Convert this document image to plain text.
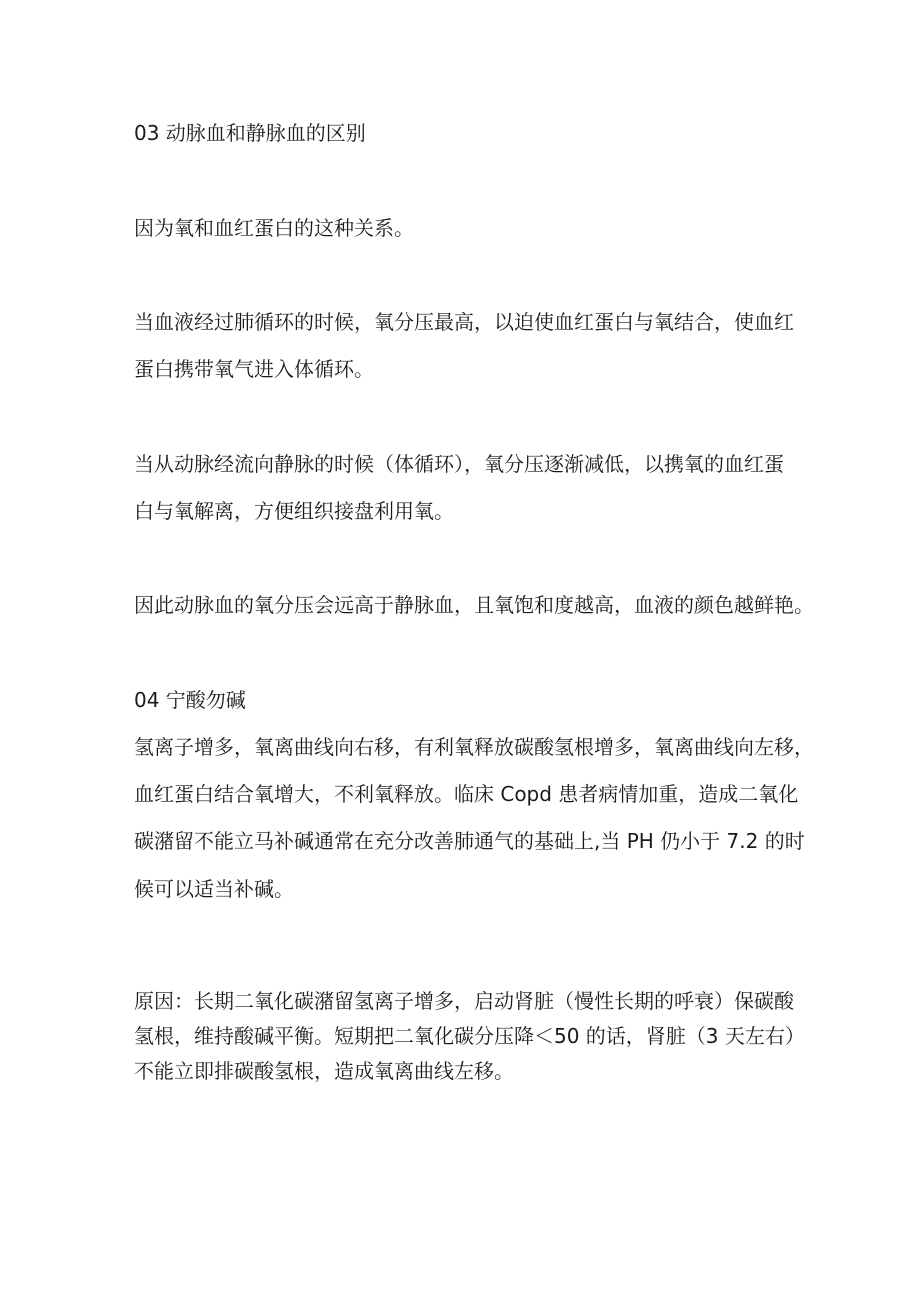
03 动脉血和静脉血的区别
因为氧和血红蛋白的这种关系。
当血液经过肺循环的时候，氧分压最高，以迫使血红蛋白与氧结合，使血红
蛋白携带氧气进入体循环。
当从动脉经流向静脉的时候（体循环），氧分压逐渐减低，以携氧的血红蛋
白与氧解离，方便组织接盘利用氧。
因此动脉血的氧分压会远高于静脉血，且氧饱和度越高，血液的颜色越鲜艳。
04 宁酸勿碱
氢离子增多，氧离曲线向右移，有利氧释放碳酸氢根增多，氧离曲线向左移，
血红蛋白结合氧增大，不利氧释放。临床 Copd 患者病情加重，造成二氧化
碳潴留不能立马补碱通常在充分改善肺通气的基础上,当 PH 仍小于 7.2 的时
候可以适当补碱。
原因：长期二氧化碳潴留氢离子增多，启动肾脏（慢性长期的呼衰）保碳酸
氢根，维持酸碱平衡。短期把二氧化碳分压降＜50 的话，肾脏（3 天左右）
不能立即排碳酸氢根，造成氧离曲线左移。
